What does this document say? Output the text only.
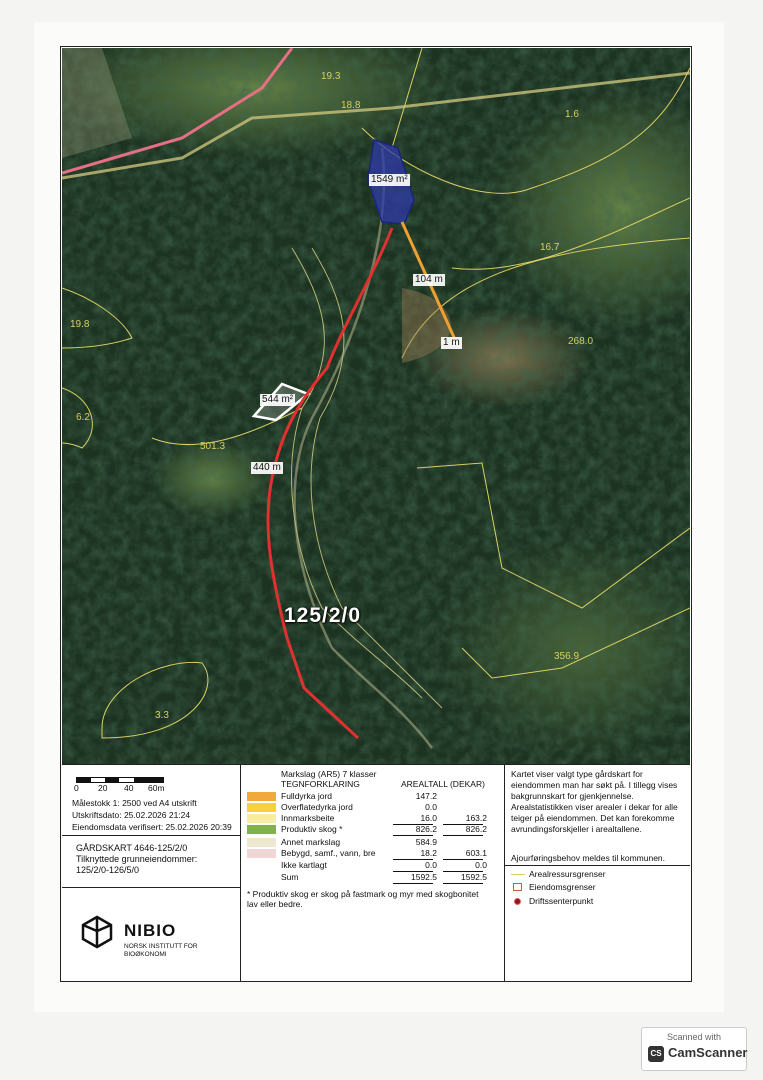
19.3
18.8
1.6
16.7
19.8
268.0
6.2
501.3
356.9
3.3
1549 m²
104 m
1 m
544 m²
440 m
125/2/0
0 20 40 60m
Målestokk 1: 2500 ved A4 utskrift
Utskriftsdato: 25.02.2026 21:24
Eiendomsdata verifisert: 25.02.2026 20:39
GÅRDSKART 4646-125/2/0
Tilknyttede grunneiendommer:
125/2/0-126/5/0
NIBIO
NORSK INSTITUTT FOR BIOØKONOMI
Markslag (AR5) 7 klasser
TEGNFORKLARING	AREALTALL (DEKAR)
Fulldyrka jord	147.2
Overflatedyrka jord	0.0
Innmarksbeite	16.0	163.2
Produktiv skog *	826.2	826.2
Annet markslag	584.9
Bebygd, samf., vann, bre	18.2	603.1
Ikke kartlagt	0.0	0.0
Sum	1592.5	1592.5
* Produktiv skog er skog på fastmark og myr med skogbonitet lav eller bedre.
Kartet viser valgt type gårdskart for eiendommen man har søkt på. I tillegg vises bakgrunnskart for gjenkjennelse. Arealstatistikken viser arealer i dekar for alle teiger på eiendommen. Det kan forekomme avrundingsforskjeller i arealtallene.
Ajourføringsbehov meldes til kommunen.
Arealressursgrenser
Eiendomsgrenser
Driftssenterpunkt
Scanned with
CS CamScanner
